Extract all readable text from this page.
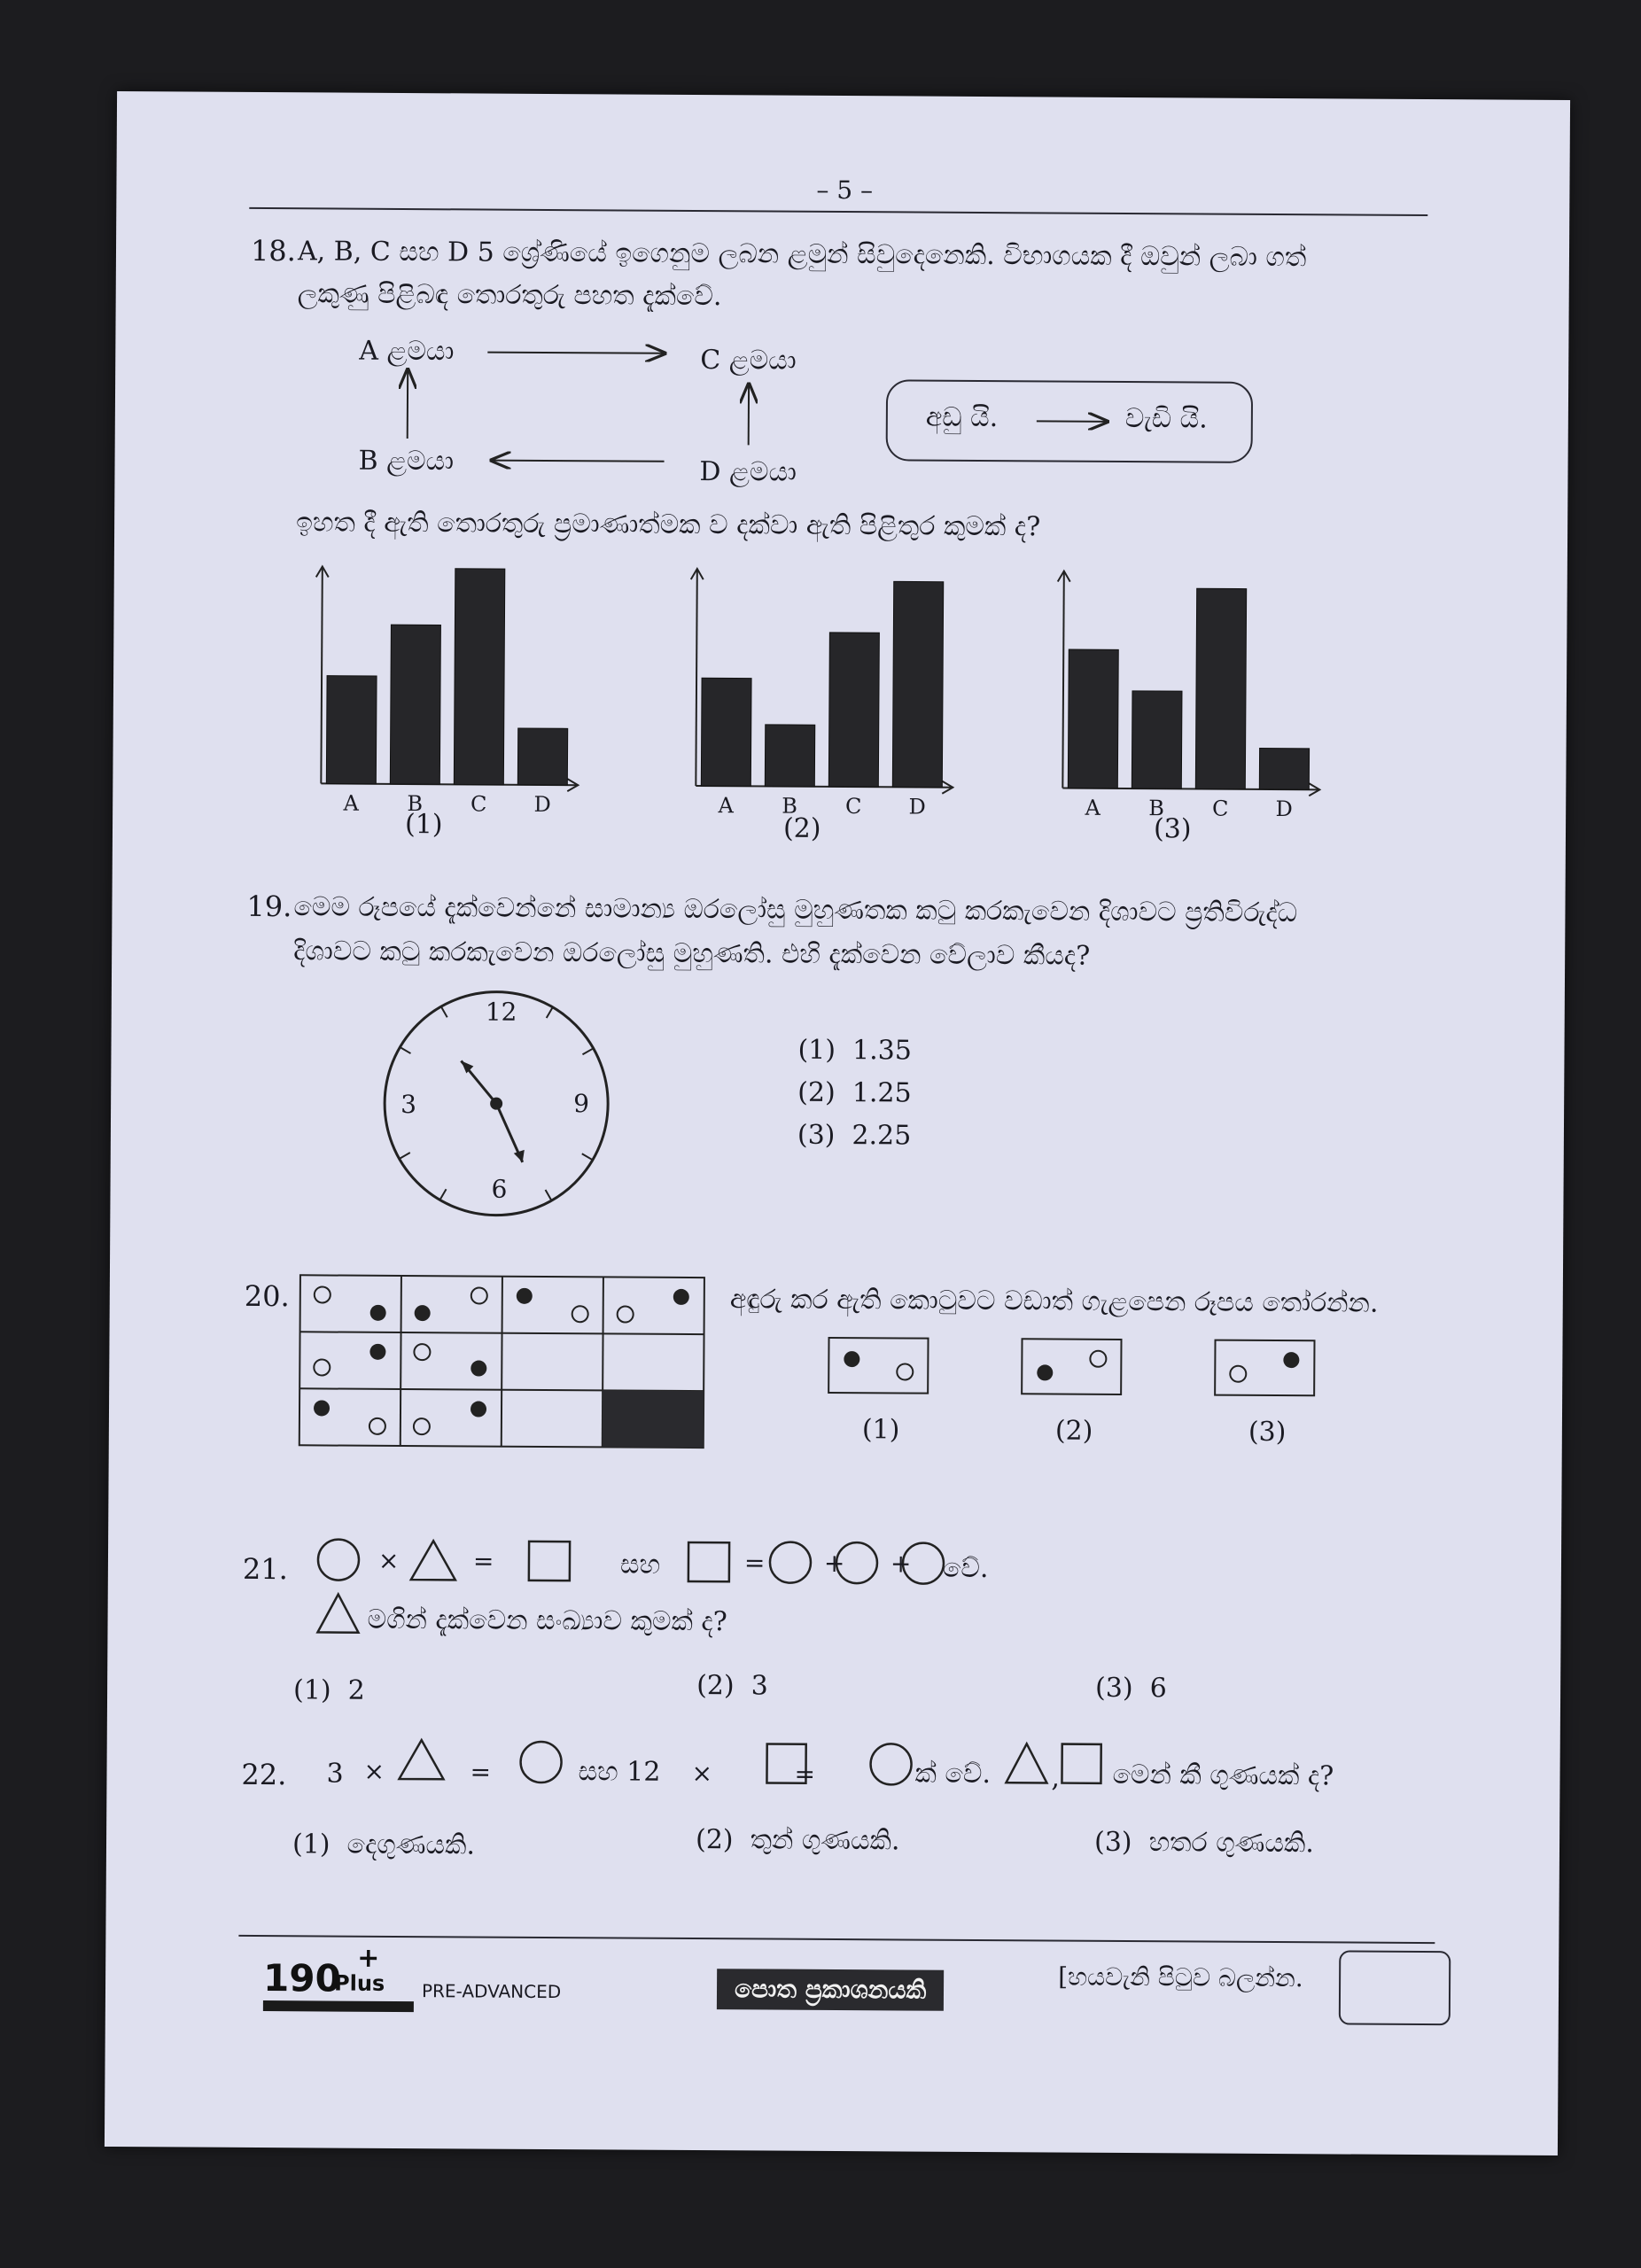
– 5 –
18. A, B, C සහ D 5 ශ්‍රේණියේ ඉගෙනුම ලබන ළමුන් සිවුදෙනෙකි. විභාගයක දී ඔවුන් ලබා ගත්
ලකුණු පිළිබඳ තොරතුරු පහත දැක්වේ.
A ළමයා	C ළමයා
B ළමයා	D ළමයා
අඩු යි.	වැඩි යි.
ඉහත දී ඇති තොරතුරු ප්‍රමාණාත්මක ව දක්වා ඇති පිළිතුර කුමක් ද?
A B C D	A B C D	A B C D
(1)	(2)	(3)
19. මෙම රූපයේ දැක්වෙන්නේ සාමාන්‍ය ඔරලෝසු මුහුණතක කටු කරකැවෙන දිශාවට ප්‍රතිවිරුද්ධ
දිශාවට කටු කරකැවෙන ඔරලෝසු මුහුණති. එහි දැක්වෙන වේලාව කීයද?
12
3	9
6
(1) 1.35
(2) 1.25
(3) 2.25
20.	අඳුරු කර ඇති කොටුවට වඩාත් ගැළපෙන රූපය තෝරන්න.
(1)	(2)	(3)
21.	×	=	සහ	= + + වේ.
මගින් දැක්වෙන සංඛ්‍යාව කුමක් ද?
(1) 2	(2) 3	(3) 6
22. 3 ×	=	සහ 12 ×	=	ක් වේ. , මෙන් කී ගුණයක් ද?
(1) දෙගුණයකි.	(2) තුන් ගුණයකි.	(3) හතර ගුණයකි.
190
Plus
+
PRE-ADVANCED	පොත ප්‍රකාශනයකි	[හයවැනි පිටුව බලන්න.
